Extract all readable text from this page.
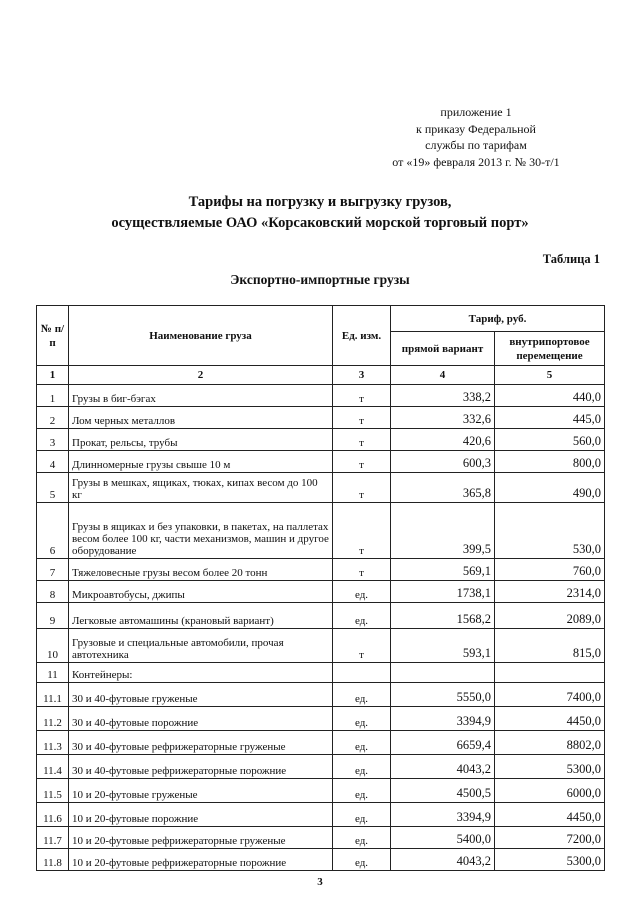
приложение 1
к приказу Федеральной
службы по тарифам
от «19» февраля 2013 г. № 30-т/1
Тарифы на погрузку и выгрузку грузов,
осуществляемые ОАО «Корсаковский морской торговый порт»
Таблица 1
Экспортно-импортные грузы
№ п/п	Наименование груза	Ед. изм.	Тариф, руб.	
			прямой вариант	внутрипортовое перемещение
1	2	3	4	5
1	Грузы в биг-бэгах	т	338,2	440,0
2	Лом черных металлов	т	332,6	445,0
3	Прокат, рельсы, трубы	т	420,6	560,0
4	Длинномерные грузы свыше 10 м	т	600,3	800,0
5	Грузы в мешках, ящиках, тюках, кипах весом до 100 кг	т	365,8	490,0
6	Грузы в ящиках и без упаковки, в пакетах, на паллетах весом более 100 кг, части механизмов, машин и другое оборудование	т	399,5	530,0
7	Тяжеловесные грузы весом более 20 тонн	т	569,1	760,0
8	Микроавтобусы, джипы	ед.	1738,1	2314,0
9	Легковые автомашины (крановый вариант)	ед.	1568,2	2089,0
10	Грузовые и специальные автомобили, прочая автотехника	т	593,1	815,0
11	Контейнеры:			
11.1	30 и 40-футовые груженые	ед.	5550,0	7400,0
11.2	30 и 40-футовые порожние	ед.	3394,9	4450,0
11.3	30 и 40-футовые рефрижераторные груженые	ед.	6659,4	8802,0
11.4	30 и 40-футовые рефрижераторные порожние	ед.	4043,2	5300,0
11.5	10 и 20-футовые груженые	ед.	4500,5	6000,0
11.6	10 и 20-футовые порожние	ед.	3394,9	4450,0
11.7	10 и 20-футовые рефрижераторные груженые	ед.	5400,0	7200,0
11.8	10 и 20-футовые рефрижераторные порожние	ед.	4043,2	5300,0
3
